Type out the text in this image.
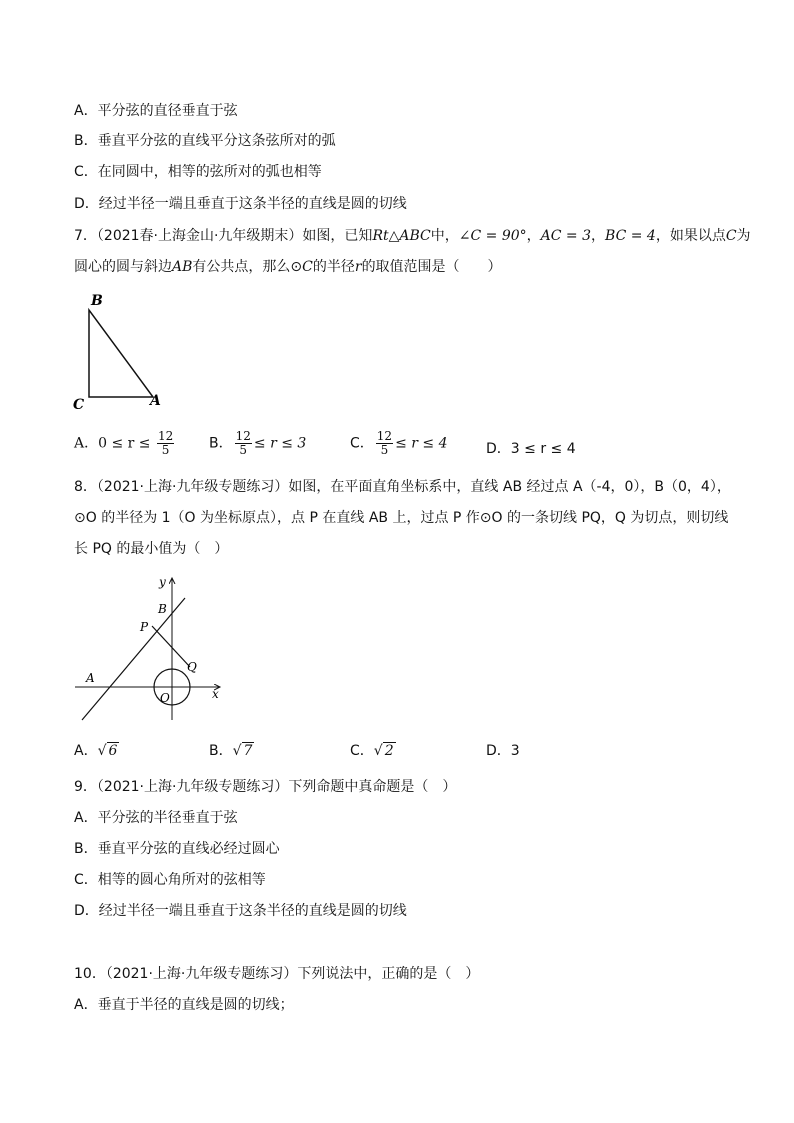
A．平分弦的直径垂直于弦
B．垂直平分弦的直线平分这条弦所对的弧
C．在同圆中，相等的弦所对的弧也相等
D．经过半径一端且垂直于这条半径的直线是圆的切线
7．（2021春·上海金山·九年级期末）如图，已知Rt△ABC中，∠C = 90°，AC = 3，BC = 4，如果以点C为
圆心的圆与斜边AB有公共点，那么⊙C的半径r的取值范围是（　　）
B
C	A
A．$0 \le r \le \frac{12}{5}$ B． $\frac{12}{5} \le r \le 3$	C． $\frac{12}{5} \le r \le 4$	D．3 ≤ r ≤ 4
8．（2021·上海·九年级专题练习）如图，在平面直角坐标系中，直线 AB 经过点 A（-4，0），B（0，4），
⊙O 的半径为 1（O 为坐标原点），点 P 在直线 AB 上，过点 P 作⊙O 的一条切线 PQ，Q 为切点，则切线
长 PQ 的最小值为（　）
y
x
B
P
Q
A
O
A．√ 6	B．√ 7	C．√ 2	D．3
9．（2021·上海·九年级专题练习）下列命题中真命题是（　）
A．平分弦的半径垂直于弦
B．垂直平分弦的直线必经过圆心
C．相等的圆心角所对的弦相等
D．经过半径一端且垂直于这条半径的直线是圆的切线
10．（2021·上海·九年级专题练习）下列说法中，正确的是（　）
A．垂直于半径的直线是圆的切线；
